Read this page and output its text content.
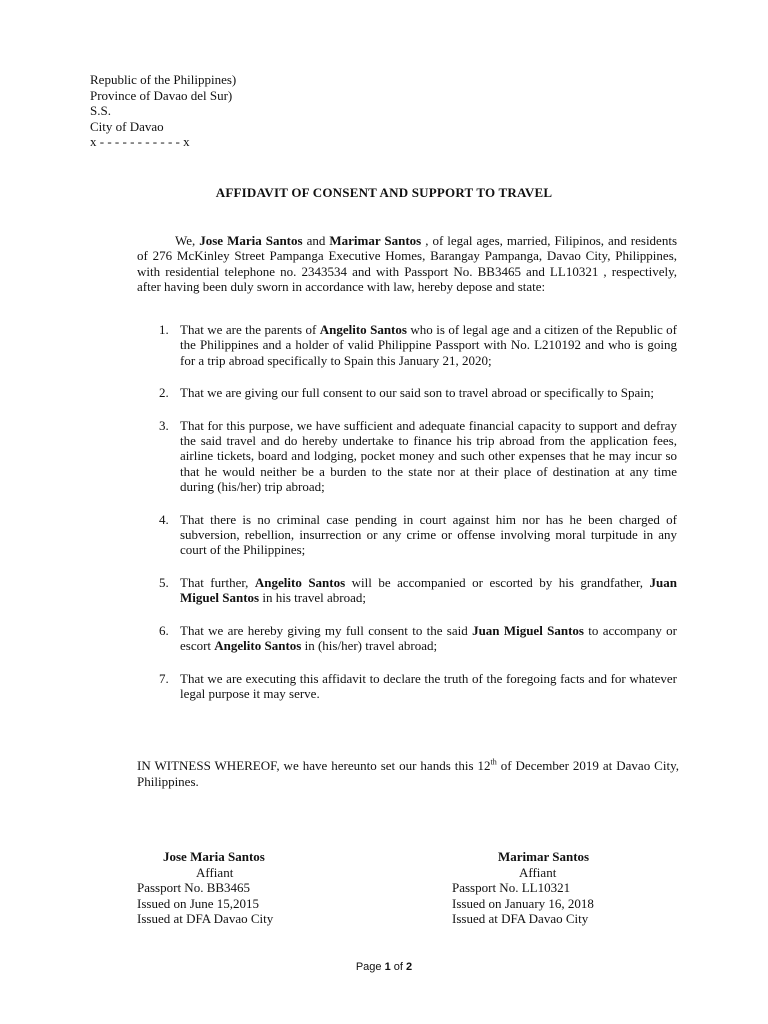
Republic of the Philippines)
Province of Davao del Sur)
S.S.
City of Davao
x - - - - - - - - - - - x
AFFIDAVIT OF CONSENT AND SUPPORT TO TRAVEL
We, Jose Maria Santos and Marimar Santos , of legal ages, married, Filipinos, and residents of 276 McKinley Street Pampanga Executive Homes, Barangay Pampanga, Davao City, Philippines, with residential telephone no. 2343534 and with Passport No. BB3465 and LL10321 , respectively, after having been duly sworn in accordance with law, hereby depose and state:
1. That we are the parents of Angelito Santos who is of legal age and a citizen of the Republic of the Philippines and a holder of valid Philippine Passport with No. L210192 and who is going for a trip abroad specifically to Spain this January 21, 2020;
2. That we are giving our full consent to our said son to travel abroad or specifically to Spain;
3. That for this purpose, we have sufficient and adequate financial capacity to support and defray the said travel and do hereby undertake to finance his trip abroad from the application fees, airline tickets, board and lodging, pocket money and such other expenses that he may incur so that he would neither be a burden to the state nor at their place of destination at any time during (his/her) trip abroad;
4. That there is no criminal case pending in court against him nor has he been charged of subversion, rebellion, insurrection or any crime or offense involving moral turpitude in any court of the Philippines;
5. That further, Angelito Santos will be accompanied or escorted by his grandfather, Juan Miguel Santos in his travel abroad;
6. That we are hereby giving my full consent to the said Juan Miguel Santos to accompany or escort Angelito Santos in (his/her) travel abroad;
7. That we are executing this affidavit to declare the truth of the foregoing facts and for whatever legal purpose it may serve.
IN WITNESS WHEREOF, we have hereunto set our hands this 12th of December 2019 at Davao City, Philippines.
Jose Maria Santos
Affiant
Passport No. BB3465
Issued on June 15,2015
Issued at DFA Davao City
Marimar Santos
Affiant
Passport No. LL10321
Issued on January 16, 2018
Issued at DFA Davao City
Page 1 of 2
